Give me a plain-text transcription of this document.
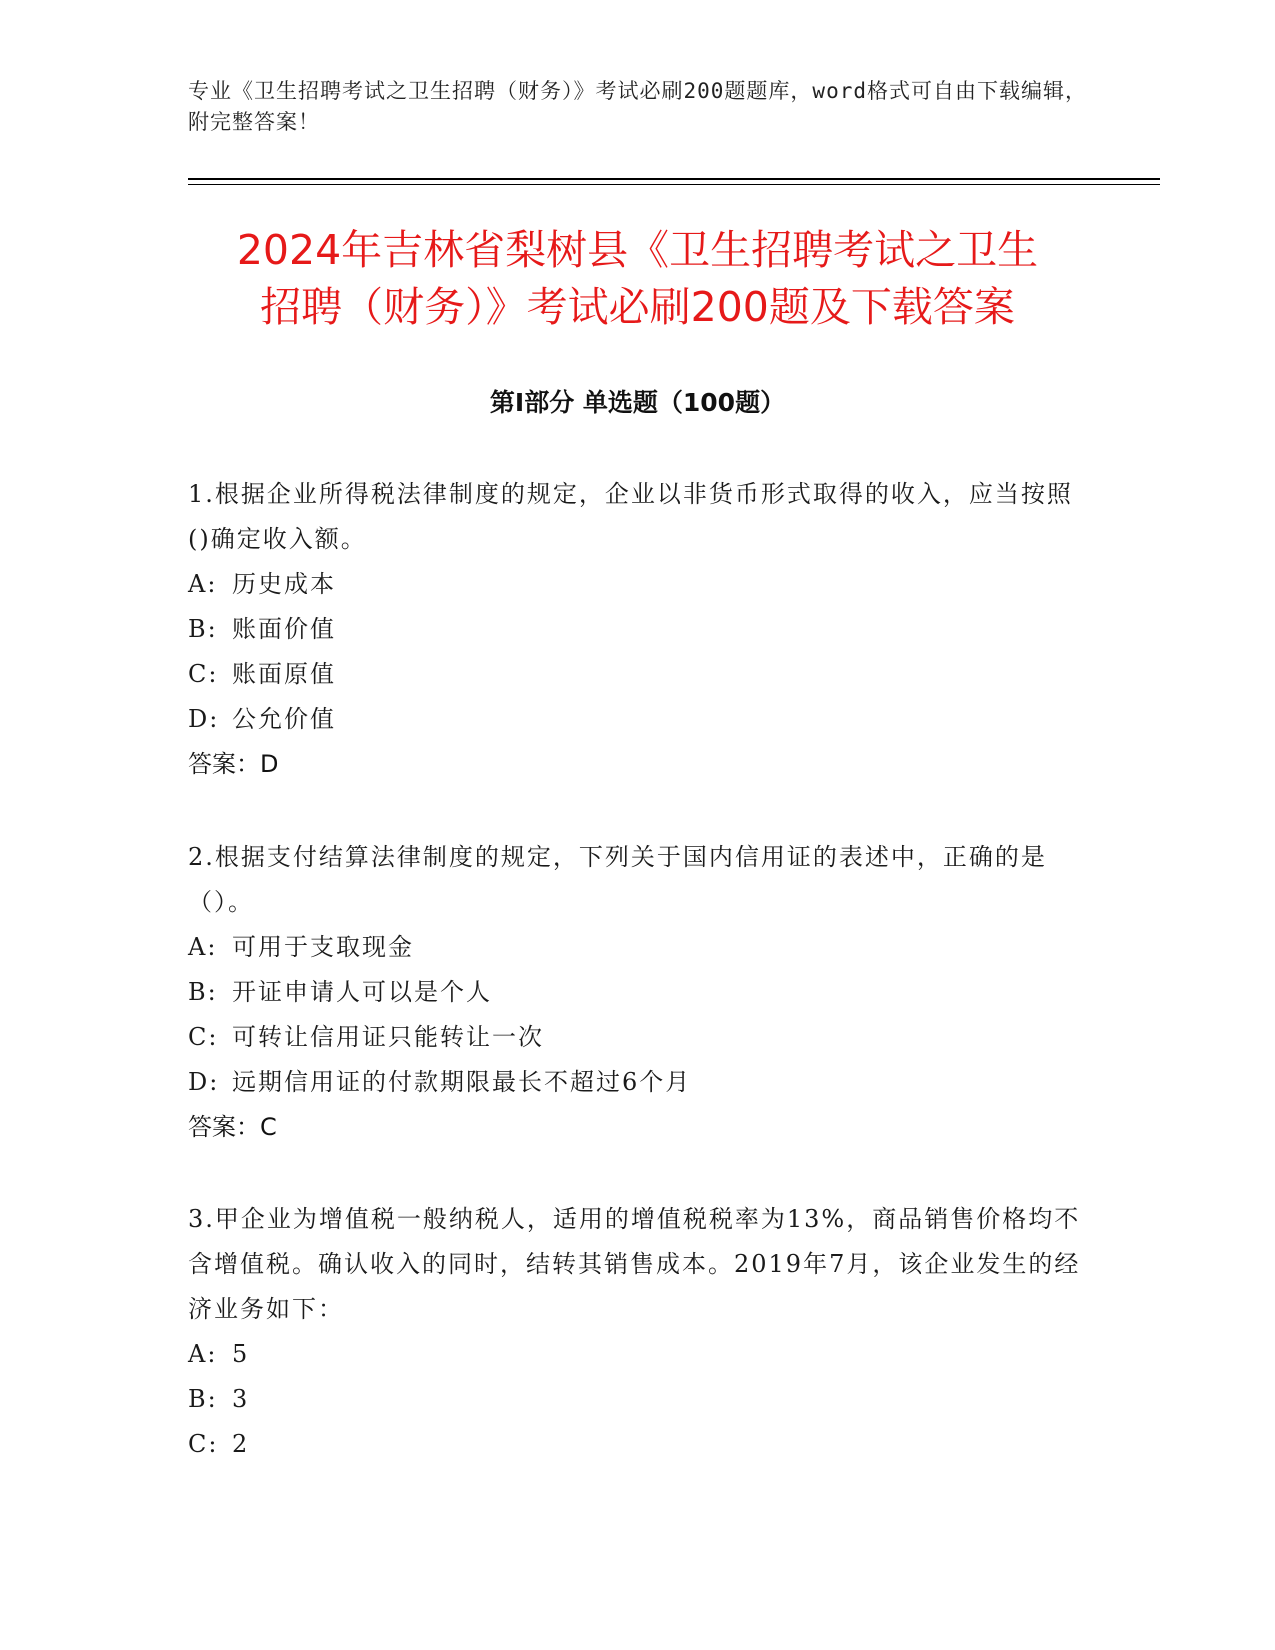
专业《卫生招聘考试之卫生招聘（财务）》考试必刷200题题库，word格式可自由下载编辑，附完整答案！
2024年吉林省梨树县《卫生招聘考试之卫生
招聘（财务）》考试必刷200题及下载答案
第I部分 单选题（100题）

1.根据企业所得税法律制度的规定，企业以非货币形式取得的收入，应当按照()确定收入额。

A: 历史成本

B: 账面价值

C: 账面原值

D: 公允价值

答案：D

2.根据支付结算法律制度的规定，下列关于国内信用证的表述中，正确的是（）。

A: 可用于支取现金

B: 开证申请人可以是个人

C: 可转让信用证只能转让一次

D: 远期信用证的付款期限最长不超过6个月

答案：C

3.甲企业为增值税一般纳税人，适用的增值税税率为13%，商品销售价格均不含增值税。确认收入的同时，结转其销售成本。2019年7月，该企业发生的经济业务如下：

A: 5

B: 3

C: 2
